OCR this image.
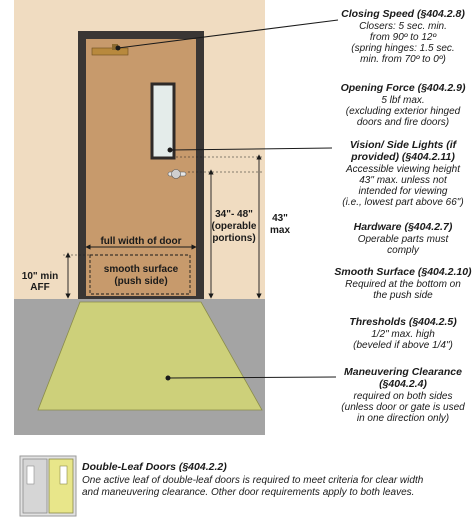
full width of door
smooth surface
(push side)
10" min
AFF
34"- 48"
(operable
portions)
43"
max
Closing Speed (§404.2.8)
Closers: 5 sec. min.
from 90º to 12º
(spring hinges: 1.5 sec.
min. from 70º to 0º)
Opening Force (§404.2.9)
5 lbf max.
(excluding exterior hinged
doors and fire doors)
Vision/ Side Lights (if
provided) (§404.2.11)
Accessible viewing height
43" max. unless not
intended for viewing
(i.e., lowest part above 66")
Hardware (§404.2.7)
Operable parts must
comply
Smooth Surface (§404.2.10)
Required at the bottom on
the push side
Thresholds (§404.2.5)
1/2" max. high
(beveled if above 1/4")
Maneuvering Clearance
(§404.2.4)
required on both sides
(unless door or gate is used
in one direction only)
Double-Leaf Doors (§404.2.2)
One active leaf of double-leaf doors is required to meet criteria for clear width
and maneuvering clearance. Other door requirements apply to both leaves.
